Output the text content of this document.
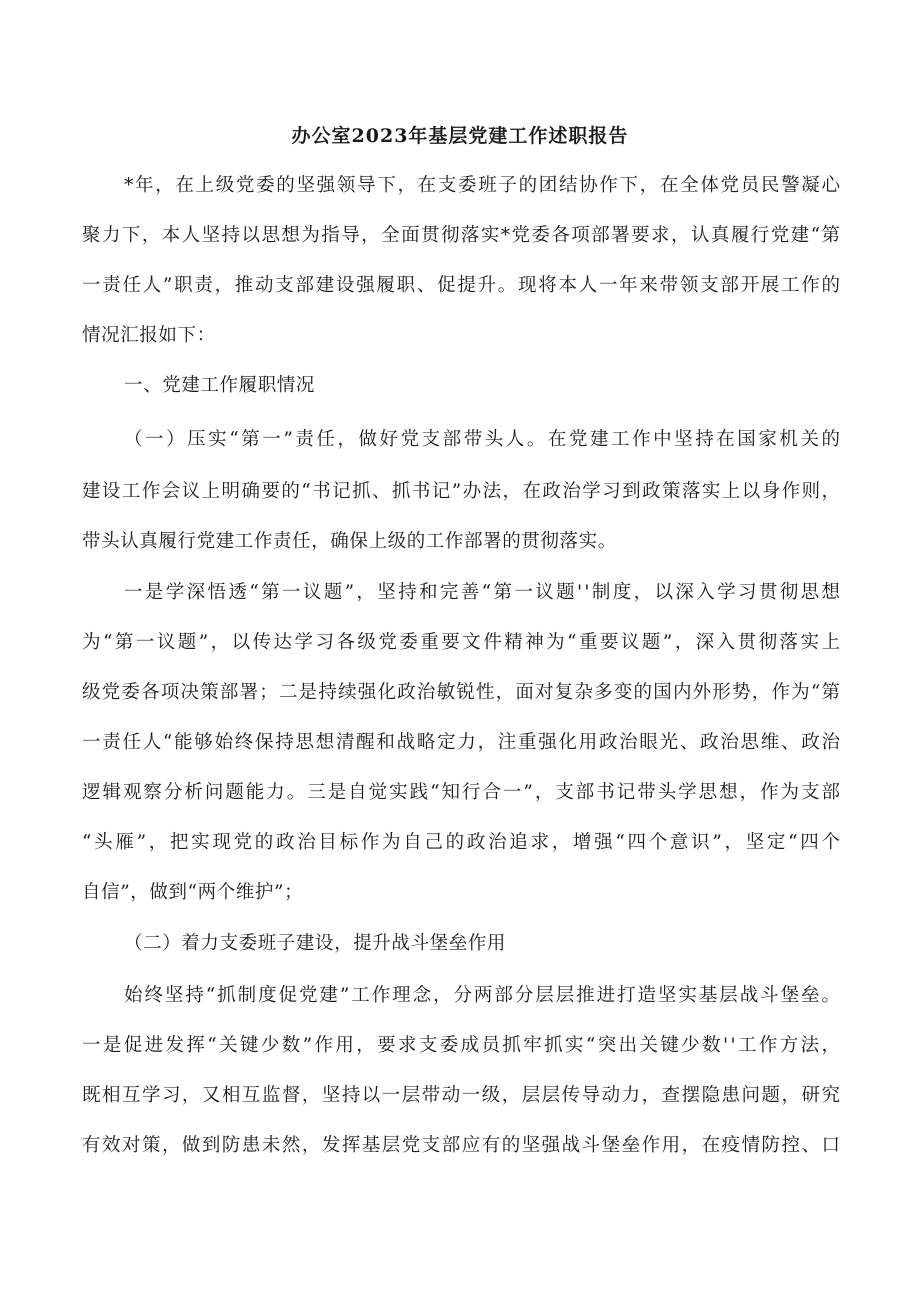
办公室2023年基层党建工作述职报告
*年，在上级党委的坚强领导下，在支委班子的团结协作下，在全体党员民警凝心
聚力下，本人坚持以思想为指导，全面贯彻落实*党委各项部署要求，认真履行党建“第
一责任人”职责，推动支部建设强履职、促提升。现将本人一年来带领支部开展工作的
情况汇报如下：
一、党建工作履职情况
（一）压实“第一”责任，做好党支部带头人。在党建工作中坚持在国家机关的
建设工作会议上明确要的“书记抓、抓书记”办法，在政治学习到政策落实上以身作则，
带头认真履行党建工作责任，确保上级的工作部署的贯彻落实。
一是学深悟透“第一议题”，坚持和完善“第一议题''制度，以深入学习贯彻思想
为“第一议题”，以传达学习各级党委重要文件精神为“重要议题”，深入贯彻落实上
级党委各项决策部署；二是持续强化政治敏锐性，面对复杂多变的国内外形势，作为“第
一责任人“能够始终保持思想清醒和战略定力，注重强化用政治眼光、政治思维、政治
逻辑观察分析问题能力。三是自觉实践“知行合一”，支部书记带头学思想，作为支部
“头雁”，把实现党的政治目标作为自己的政治追求，增强“四个意识”，坚定“四个
自信”，做到“两个维护”；
（二）着力支委班子建设，提升战斗堡垒作用
始终坚持“抓制度促党建”工作理念，分两部分层层推进打造坚实基层战斗堡垒。
一是促进发挥“关键少数”作用，要求支委成员抓牢抓实“突出关键少数''工作方法，
既相互学习，又相互监督，坚持以一层带动一级，层层传导动力，查摆隐患问题，研究
有效对策，做到防患未然，发挥基层党支部应有的坚强战斗堡垒作用，在疫情防控、口
